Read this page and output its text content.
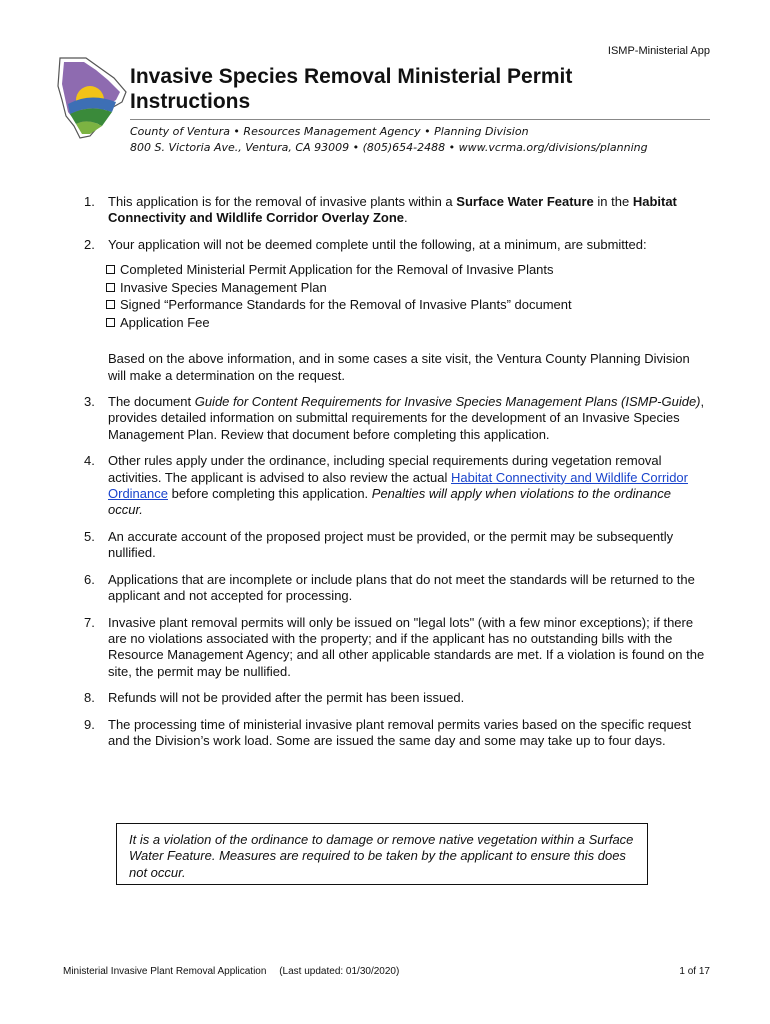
ISMP-Ministerial App
Invasive Species Removal Ministerial Permit Instructions
County of Ventura • Resources Management Agency • Planning Division
800 S. Victoria Ave., Ventura, CA 93009 • (805)654-2488 • www.vcrma.org/divisions/planning
1. This application is for the removal of invasive plants within a Surface Water Feature in the Habitat Connectivity and Wildlife Corridor Overlay Zone.
2. Your application will not be deemed complete until the following, at a minimum, are submitted:
Completed Ministerial Permit Application for the Removal of Invasive Plants
Invasive Species Management Plan
Signed “Performance Standards for the Removal of Invasive Plants” document
Application Fee
Based on the above information, and in some cases a site visit, the Ventura County Planning Division will make a determination on the request.
3. The document Guide for Content Requirements for Invasive Species Management Plans (ISMP-Guide), provides detailed information on submittal requirements for the development of an Invasive Species Management Plan. Review that document before completing this application.
4. Other rules apply under the ordinance, including special requirements during vegetation removal activities. The applicant is advised to also review the actual Habitat Connectivity and Wildlife Corridor Ordinance before completing this application. Penalties will apply when violations to the ordinance occur.
5. An accurate account of the proposed project must be provided, or the permit may be subsequently nullified.
6. Applications that are incomplete or include plans that do not meet the standards will be returned to the applicant and not accepted for processing.
7. Invasive plant removal permits will only be issued on "legal lots" (with a few minor exceptions); if there are no violations associated with the property; and if the applicant has no outstanding bills with the Resource Management Agency; and all other applicable standards are met. If a violation is found on the site, the permit may be nullified.
8. Refunds will not be provided after the permit has been issued.
9. The processing time of ministerial invasive plant removal permits varies based on the specific request and the Division’s work load. Some are issued the same day and some may take up to four days.
It is a violation of the ordinance to damage or remove native vegetation within a Surface Water Feature. Measures are required to be taken by the applicant to ensure this does not occur.
Ministerial Invasive Plant Removal Application (Last updated: 01/30/2020)	1 of 17
